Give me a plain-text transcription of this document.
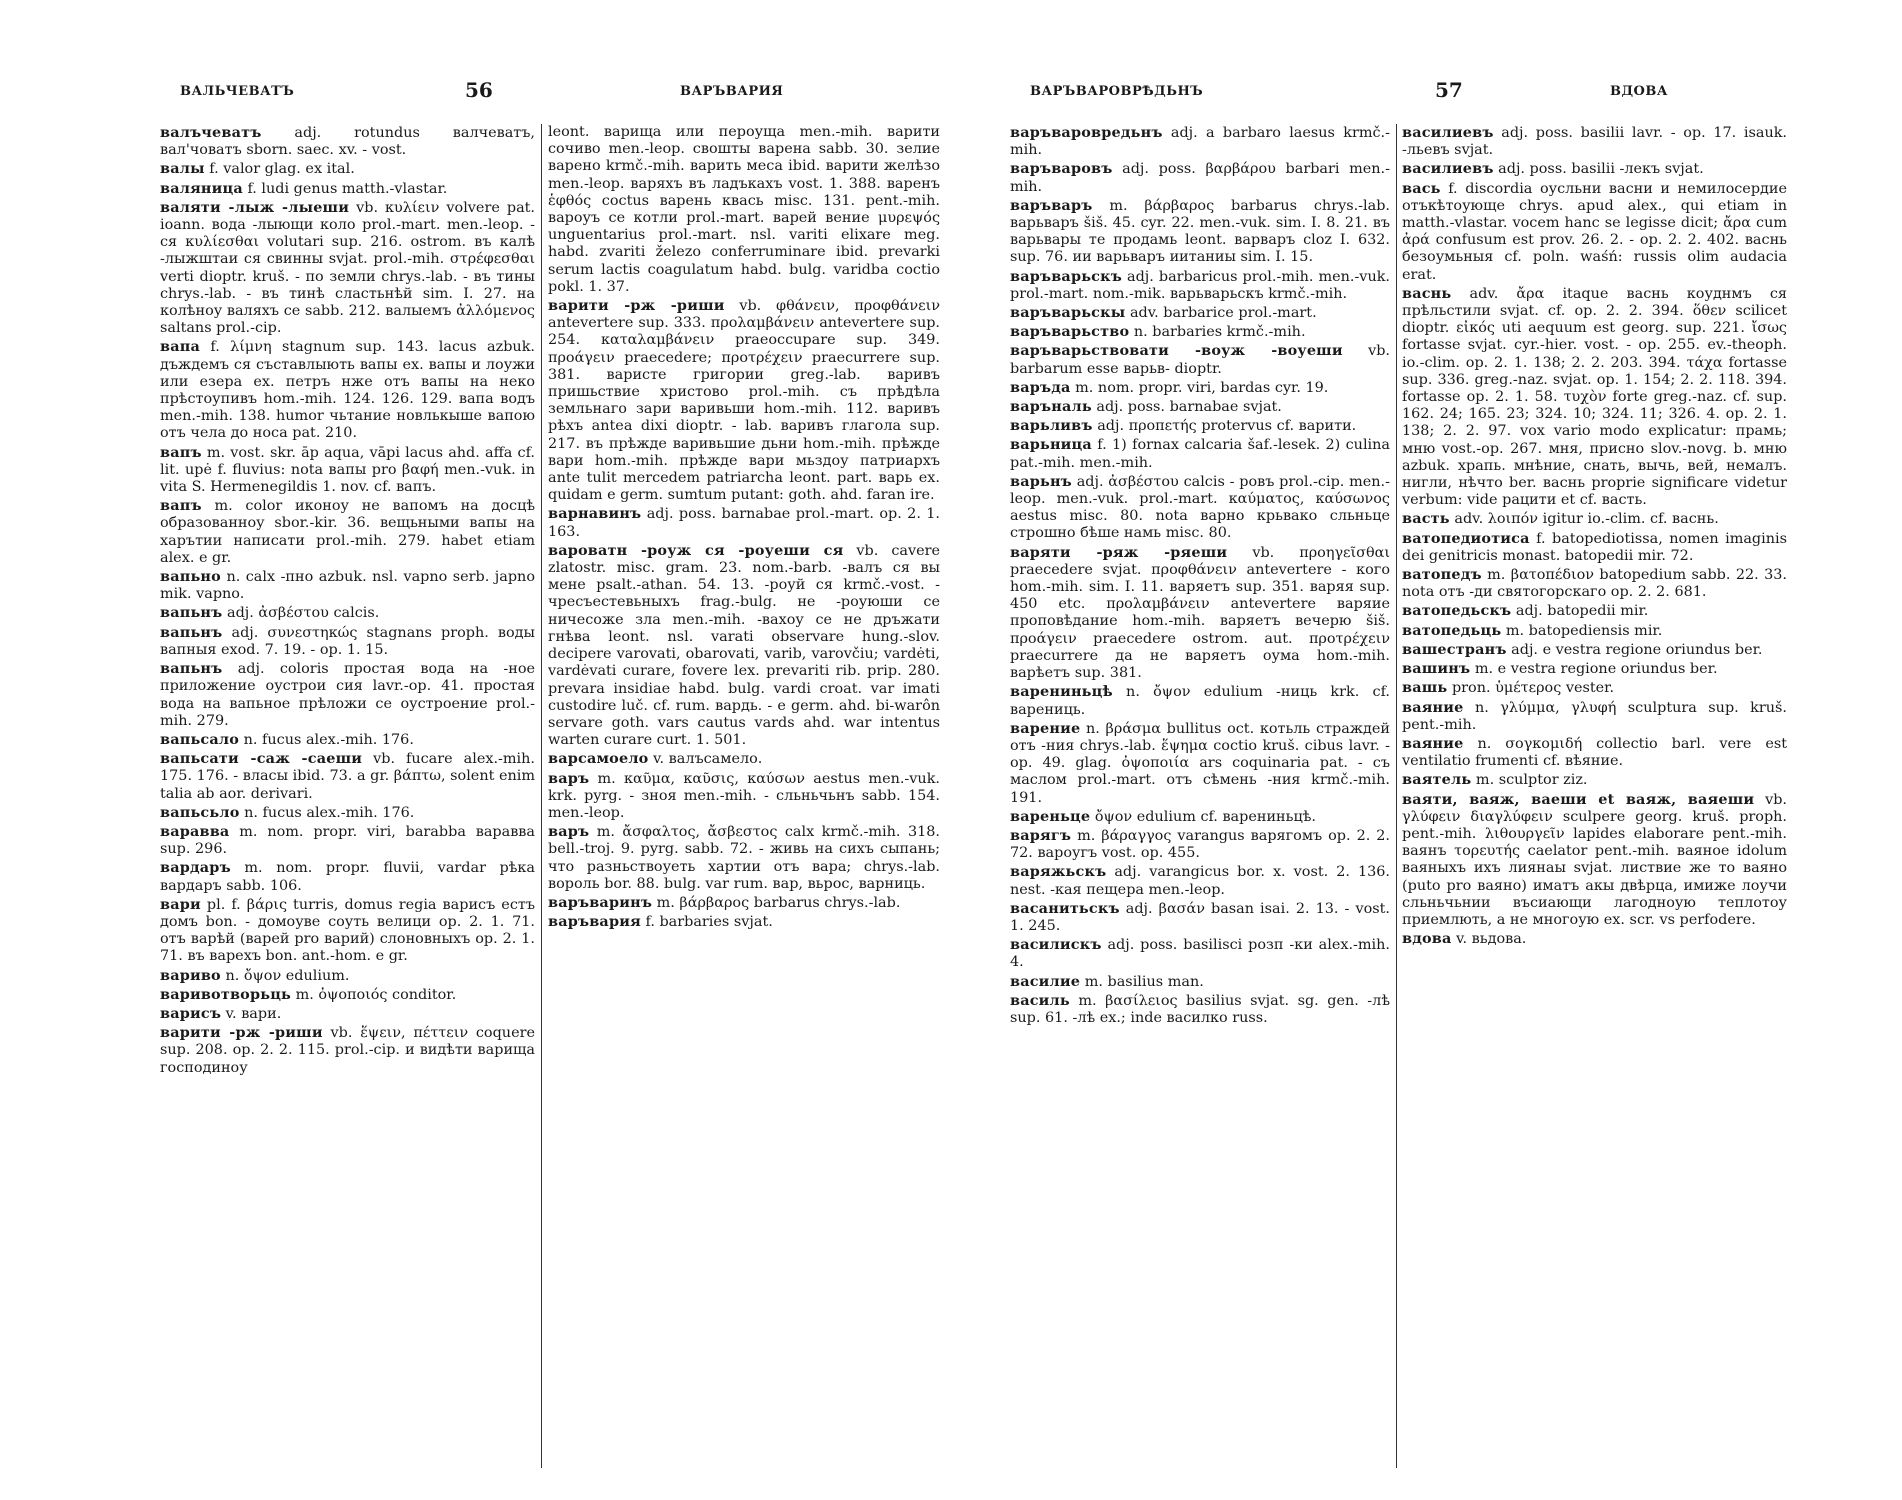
ВАЛЬЧЕВАТЪ	56	ВАРЪВАРИЯ

валъчеватъ adj. rotundus валчеватъ, вал'човатъ sborn. saec. xv. - vost.

валы f. valor glag. ex ital.

валяница f. ludi genus matth.-vlastar.

валяти -лыж -лыеши vb. κυλίειν volvere pat. ioann. вода -лыющи коло prol.-mart. men.-leop. - ся κυλίεσθαι volutari sup. 216. ostrom. въ калѣ -лыжштаи ся свинны svjat. prol.-mih. στρέφεσθαι verti dioptr. kruš. - по земли chrys.-lab. - въ тины chrys.-lab. - въ тинѣ сластьнѣй sim. I. 27. на колѣноу валяхъ се sabb. 212. валыемъ ἀλλόμενος saltans prol.-cip.

вапа f. λίμνη stagnum sup. 143. lacus azbuk. дъждемъ ся съставлыють вапы ex. вапы и лоужи или езера ex. петръ нже отъ вапы на неко прѣстоупивъ hom.-mih. 124. 126. 129. вапа водъ men.-mih. 138. humor чьтание новлькыше вапою отъ чела до носа pat. 210.

вапъ m. vost. skr. āp aqua, vāpi lacus ahd. affa cf. lit. upė f. fluvius: nota вапы pro βαφή men.-vuk. in vita S. Hermenegildis 1. nov. cf. вапъ.

вапъ m. color иконоу не вапомъ на досцѣ образованноу sbor.-kir. 36. вещьными вапы на харътии написати prol.-mih. 279. habet etiam alex. e gr.

вапьно n. calx -пно azbuk. nsl. vapno serb. japno mik. vapno.

вапьнъ adj. ἀσβέστου calcis.

вапьнъ adj. συνεστηκώς stagnans proph. воды вапныя exod. 7. 19. - op. 1. 15.

вапьнъ adj. coloris простая вода на -ное приложение оустрои сия lavr.-op. 41. простая вода на вапьное прѣложи се оустроение prol.-mih. 279.

вапьсало n. fucus alex.-mih. 176.

вапьсати -саж -саеши vb. fucare alex.-mih. 175. 176. - власы ibid. 73. a gr. βάπτω, solent enim talia ab aor. derivari.

вапьсьло n. fucus alex.-mih. 176.

варавва m. nom. propr. viri, barabba варавва sup. 296.

вардаръ m. nom. propr. fluvii, vardar рѣка вардаръ sabb. 106.

вари pl. f. βάρις turris, domus regia варисъ естъ домъ bon. - домоуве соуть велици op. 2. 1. 71. отъ варѣй (варей pro варий) слоновныхъ op. 2. 1. 71. въ варехъ bon. ant.-hom. e gr.

вариво n. ὄψον edulium.

варивотворьць m. ὀψοποιός conditor.

варисъ v. вари.

варити -рж -риши vb. ἕψειν, πέττειν coquere sup. 208. op. 2. 2. 115. prol.-cip. и видѣти варища господиноу

leont. варища или пероуща men.-mih. варити сочиво men.-leop. свошты варена sabb. 30. зелие варено krmč.-mih. варить меса ibid. варити желѣзо men.-leop. варяхъ въ ладъкахъ vost. 1. 388. варенъ ἑφθός coctus варень квась misc. 131. pent.-mih. вароуъ се котли prol.-mart. варей вение μυρεψός unguentarius prol.-mart. nsl. variti elixare meg. habd. zvariti železo conferruminare ibid. prevarki serum lactis coagulatum habd. bulg. varidba coctio pokl. 1. 37.

варити -рж -риши vb. φθάνειν, προφθάνειν antevertere sup. 333. προλαμβάνειν antevertere sup. 254. καταλαμβάνειν praeoccupare sup. 349. προάγειν praecedere; προτρέχειν praecurrere sup. 381. варисте григории greg.-lab. варивъ пришьствие христово prol.-mih. съ прѣдѣла земльнаго зари варивьши hom.-mih. 112. варивъ рѣхъ antea dixi dioptr. - lab. варивъ глагола sup. 217. въ прѣжде варивьшие дьни hom.-mih. прѣжде вари hom.-mih. прѣжде вари мьздоу патриархъ ante tulit mercedem patriarcha leont. part. варь ex. quidam e germ. sumtum putant: goth. ahd. faran ire.

варнавинъ adj. poss. barnabae prol.-mart. op. 2. 1. 163.

вароватн -роуж ся -роуеши ся vb. cavere zlatostr. misc. gram. 23. nom.-barb. -валъ ся вы мене psalt.-athan. 54. 13. -роуй ся krmč.-vost. - чресъестевьныхъ frag.-bulg. не -роуюши се ничесоже зла men.-mih. -вахоу се не дръжати гнѣва leont. nsl. varati observare hung.-slov. decipere varovati, obarovati, varib, varovčiu; vardėti, vardėvati curare, fovere lex. prevariti rib. prip. 280. prevara insidiae habd. bulg. vardi croat. var imati custodire luč. cf. rum. вардь. - e germ. ahd. bi-warôn servare goth. vars cautus vards ahd. war intentus warten curare curt. 1. 501.

варсамоело v. валъсамело.

варъ m. καῦμα, καῦσις, καύσων aestus men.-vuk. krk. pyrg. - зноя men.-mih. - сльньчьнъ sabb. 154. men.-leop.

варъ m. ἄσφαλτος, ἄσβεστος calx krmč.-mih. 318. bell.-troj. 9. pyrg. sabb. 72. - живь на сихъ сыпань; что разньствоуеть хартии отъ вара; chrys.-lab. вороль bor. 88. bulg. var rum. вар, вьрос, варниць.

варъваринъ m. βάρβαρος barbarus chrys.-lab.

варъвария f. barbaries svjat.

ВАРЪВАРОВРѢДЬНЪ	57	ВДОВА

варъваровредьнъ adj. a barbaro laesus krmč.-mih.

варъваровъ adj. poss. βαρβάρου barbari men.-mih.

варъваръ m. βάρβαρος barbarus chrys.-lab. варьваръ šiš. 45. cyr. 22. men.-vuk. sim. I. 8. 21. въ варьвары те продамь leont. варваръ cloz I. 632. sup. 76. ии варьваръ иитаниы sim. I. 15.

варъварьскъ adj. barbaricus prol.-mih. men.-vuk. prol.-mart. nom.-mik. варьварьскъ krmč.-mih.

варъварьскы adv. barbarice prol.-mart.

варъварьство n. barbaries krmč.-mih.

варъварьствовати -воуж -воуеши vb. barbarum esse варьв- dioptr.

варъда m. nom. propr. viri, bardas cyr. 19.

варъналь adj. poss. barnabae svjat.

варьливъ adj. προπετής protervus cf. варити.

варьница f. 1) fornax calcaria šaf.-lesek. 2) culina pat.-mih. men.-mih.

варьнъ adj. ἀσβέστου calcis - ровъ prol.-cip. men.-leop. men.-vuk. prol.-mart. καύματος, καύσωνος aestus misc. 80. nota варно крьвако сльньце строшно бѣше намь misc. 80.

варяти -ряж -ряеши vb. προηγεῖσθαι praecedere svjat. προφθάνειν antevertere - кого hom.-mih. sim. I. 11. варяетъ sup. 351. варяя sup. 450 etc. προλαμβάνειν antevertere варяие проповѣдание hom.-mih. варяетъ вечерю šiš. προάγειν praecedere ostrom. aut. προτρέχειν praecurrere да не варяетъ оума hom.-mih. варѣетъ sup. 381.

варениньцѣ n. ὄψον edulium -ниць krk. cf. варениць.

варение n. βράσμα bullitus oct. котьль страждей отъ -ния chrys.-lab. ἕψημα coctio kruš. cibus lavr. - op. 49. glag. ὀψοποιία ars coquinaria pat. - съ маслом prol.-mart. отъ сѣмень -ния krmč.-mih. 191.

вареньце ὄψον edulium cf. варениньцѣ.

варягъ m. βάραγγος varangus варягомъ op. 2. 2. 72. вароугъ vost. op. 455.

варяжьскъ adj. varangicus bor. x. vost. 2. 136. nest. -кая пещера men.-leop.

васанитьскъ adj. βασάν basan isai. 2. 13. - vost. 1. 245.

василискъ adj. poss. basilisci розп -ки alex.-mih. 4.

василие m. basilius man.

василь m. βασίλειος basilius svjat. sg. gen. -лѣ sup. 61. -лѣ ex.; inde василко russ.

василиевъ adj. poss. basilii lavr. - op. 17. isauk. -льевъ svjat.

василиевъ adj. poss. basilii -лекъ svjat.

вась f. discordia оусльни васни и немилосердие отъкѣтоующе chrys. apud alex., qui etiam in matth.-vlastar. vocem hanc se legisse dicit; ἄρα cum ἀρά confusum est prov. 26. 2. - op. 2. 2. 402. васнь безоумьныя cf. poln. waśń: russis olim audacia erat.

васнь adv. ἄρα itaque васнь коуднмъ ся прѣльстили svjat. cf. op. 2. 2. 394. ὅθεν scilicet dioptr. εἰκός uti aequum est georg. sup. 221. ἴσως fortasse svjat. cyr.-hier. vost. - op. 255. ev.-theoph. io.-clim. op. 2. 1. 138; 2. 2. 203. 394. τάχα fortasse sup. 336. greg.-naz. svjat. op. 1. 154; 2. 2. 118. 394. fortasse op. 2. 1. 58. τυχὸν forte greg.-naz. cf. sup. 162. 24; 165. 23; 324. 10; 324. 11; 326. 4. op. 2. 1. 138; 2. 2. 97. vox vario modo explicatur: прамь; мню vost.-op. 267. мня, присно slov.-novg. b. мню azbuk. храпь. мнѣние, снать, вычь, вей, немалъ. нигли, нѣчто ber. васнь proprie significare videtur verbum: vide рацити et cf. васть.

васть adv. λοιπόν igitur io.-clim. cf. васнь.

ватопедиотиса f. batopediotissa, nomen imaginis dei genitricis monast. batopedii mir. 72.

ватопедъ m. βατοπέδιον batopedium sabb. 22. 33. nota отъ -ди святогорскаго op. 2. 2. 681.

ватопедьскъ adj. batopedii mir.

ватопедьць m. batopediensis mir.

вашестранъ adj. e vestra regione oriundus ber.

вашинъ m. e vestra regione oriundus ber.

вашь pron. ὑμέτερος vester.

ваяние n. γλύμμα, γλυφή sculptura sup. kruš. pent.-mih.

ваяние n. σογκομιδή collectio barl. vere est ventilatio frumenti cf. вѣяние.

ваятель m. sculptor ziz.

ваяти, ваяж, ваеши et ваяж, ваяеши vb. γλύφειν διαγλύφειν sculpere georg. kruš. proph. pent.-mih. λιθουργεῖν lapides elaborare pent.-mih. ваянъ τορευτής caelator pent.-mih. ваяное idolum ваяныхъ ихъ лиянаы svjat. листвие же то ваяно (puto pro ваяно) иматъ акы двѣрца, имиже лоучи сльньчьнии въсиающи лагодноую теплотоу приемлють, а не многоую ex. scr. vs perfodere.

вдова v. вьдова.
